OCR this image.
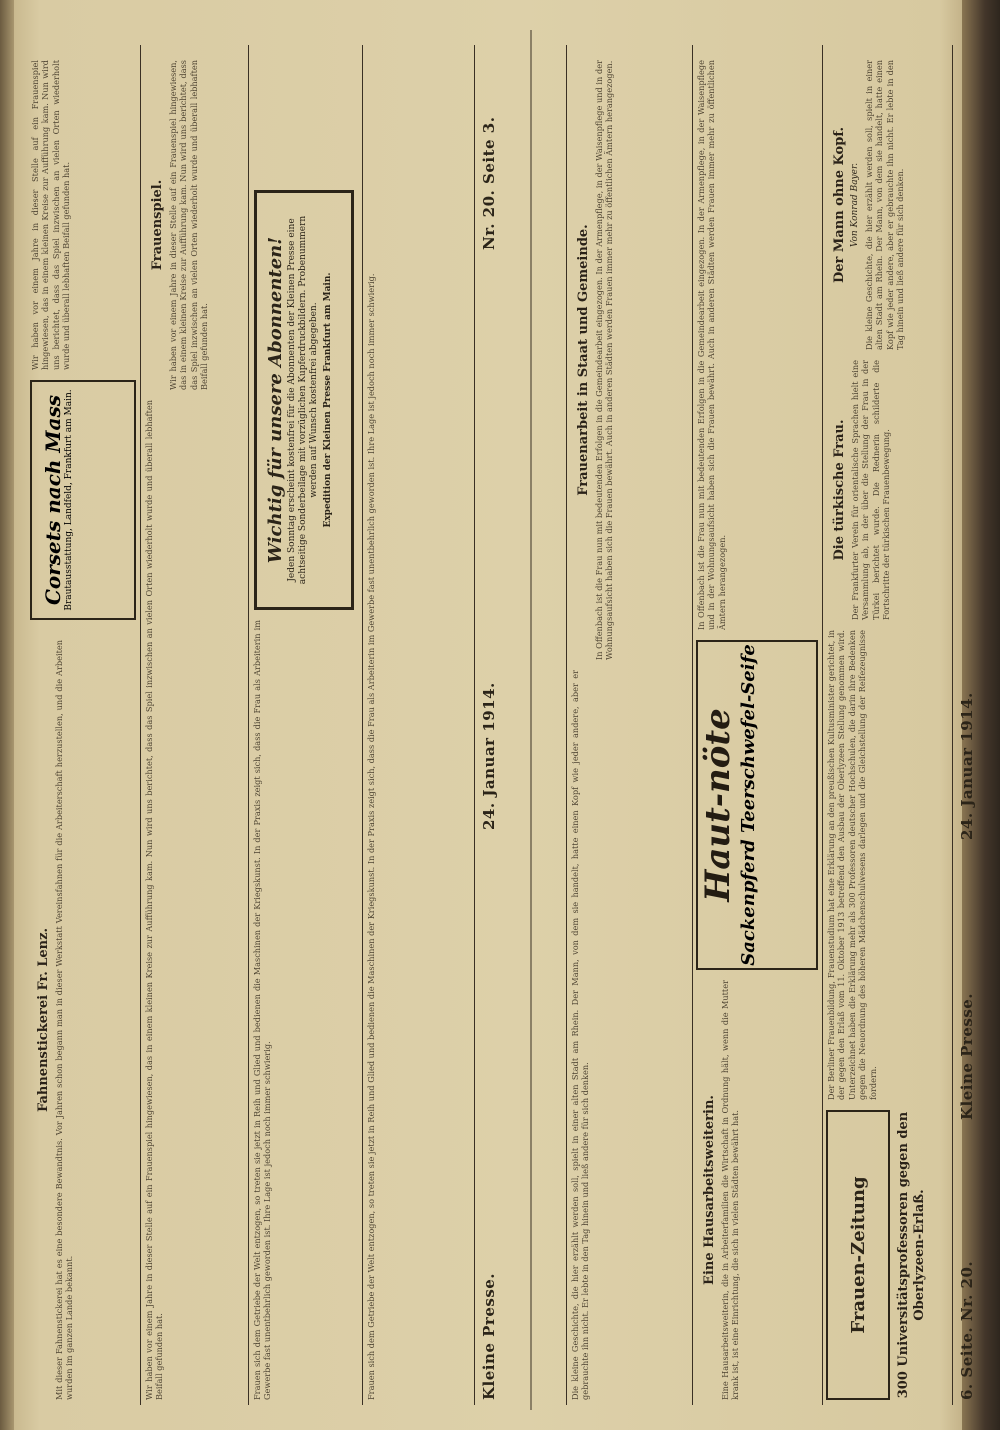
6. Seite. Nr. 20.
Kleine Presse.
24. Januar 1914.
Frauen-Zeitung	300 Universitätsprofessoren gegen den Oberlyzeen-Erlaß.
Der Berliner Frauenbildung, Frauenstudium hat eine Erklärung an den preußischen Kultusminister gerichtet, in der gegen den Erlaß vom 11. Oktober 1913 betreffend den Ausbau der Oberlyzeen Stellung genommen wird. Unterzeichnet haben die Erklärung mehr als 300 Professoren deutscher Hochschulen, die darin ihre Bedenken gegen die Neuordnung des höheren Mädchenschulwesens darlegen und die Gleichstellung der Reifezeugnisse fordern.
Die türkische Frau. Der Frankfurter Verein für orientalische Sprachen hielt eine Versammlung ab, in der über die Stellung der Frau in der Türkei berichtet wurde. Die Rednerin schilderte die Fortschritte der türkischen Frauenbewegung.
Der Mann ohne Kopf. Von Konrad Bayer. Die kleine Geschichte, die hier erzählt werden soll, spielt in einer alten Stadt am Rhein. Der Mann, von dem sie handelt, hatte einen Kopf wie jeder andere, aber er gebrauchte ihn nicht. Er lebte in den Tag hinein und ließ andere für sich denken.
Eine Hausarbeitsweiterin. Eine Hausarbeitsweiterin, die in Arbeiterfamilien die Wirtschaft in Ordnung hält, wenn die Mutter krank ist, ist eine Einrichtung, die sich in vielen Städten bewährt hat.
Haut-nöte Sackenpferd Teerschwefel-Seife
In Offenbach ist die Frau nun mit bedeutenden Erfolgen in die Gemeindearbeit eingezogen. In der Armenpflege, in der Waisenpflege und in der Wohnungsaufsicht haben sich die Frauen bewährt. Auch in anderen Städten werden Frauen immer mehr zu öffentlichen Ämtern herangezogen.
Frauenarbeit in Staat und Gemeinde. In Offenbach ist die Frau nun mit bedeutenden Erfolgen in die Gemeindearbeit eingezogen. In der Armenpflege, in der Waisenpflege und in der Wohnungsaufsicht haben sich die Frauen bewährt. Auch in anderen Städten werden Frauen immer mehr zu öffentlichen Ämtern herangezogen.
Die kleine Geschichte, die hier erzählt werden soll, spielt in einer alten Stadt am Rhein. Der Mann, von dem sie handelt, hatte einen Kopf wie jeder andere, aber er gebrauchte ihn nicht. Er lebte in den Tag hinein und ließ andere für sich denken.
Kleine Presse.
24. Januar 1914.
Nr. 20. Seite 3.
Frauen sich dem Getriebe der Welt entzogen, so treten sie jetzt in Reih und Glied und bedienen die Maschinen der Kriegskunst. In der Praxis zeigt sich, dass die Frau als Arbeiterin im Gewerbe fast unentbehrlich geworden ist. Ihre Lage ist jedoch noch immer schwierig.
Frauen sich dem Getriebe der Welt entzogen, so treten sie jetzt in Reih und Glied und bedienen die Maschinen der Kriegskunst. In der Praxis zeigt sich, dass die Frau als Arbeiterin im Gewerbe fast unentbehrlich geworden ist. Ihre Lage ist jedoch noch immer schwierig.
Wichtig für unsere Abonnenten! Jeden Sonntag erscheint kostenfrei für die Abonnenten der Kleinen Presse eine achtseitige Sonderbeilage mit vorzüglichen Kupferdruckbildern. Probenummern werden auf Wunsch kostenfrei abgegeben. Expedition der Kleinen Presse Frankfurt am Main.
Wir haben vor einem Jahre in dieser Stelle auf ein Frauenspiel hingewiesen, das in einem kleinen Kreise zur Aufführung kam. Nun wird uns berichtet, dass das Spiel inzwischen an vielen Orten wiederholt wurde und überall lebhaften Beifall gefunden hat.
Frauenspiel. Wir haben vor einem Jahre in dieser Stelle auf ein Frauenspiel hingewiesen, das in einem kleinen Kreise zur Aufführung kam. Nun wird uns berichtet, dass das Spiel inzwischen an vielen Orten wiederholt wurde und überall lebhaften Beifall gefunden hat.
Fahnenstickerei Fr. Lenz. Mit dieser Fahnenstickerei hat es eine besondere Bewandtnis. Vor Jahren schon begann man in dieser Werkstatt Vereinsfahnen für die Arbeiterschaft herzustellen, und die Arbeiten wurden im ganzen Lande bekannt.
Corsets nach Mass Brautausstattung, Landfeld, Frankfurt am Main.
Wir haben vor einem Jahre in dieser Stelle auf ein Frauenspiel hingewiesen, das in einem kleinen Kreise zur Aufführung kam. Nun wird uns berichtet, dass das Spiel inzwischen an vielen Orten wiederholt wurde und überall lebhaften Beifall gefunden hat.
